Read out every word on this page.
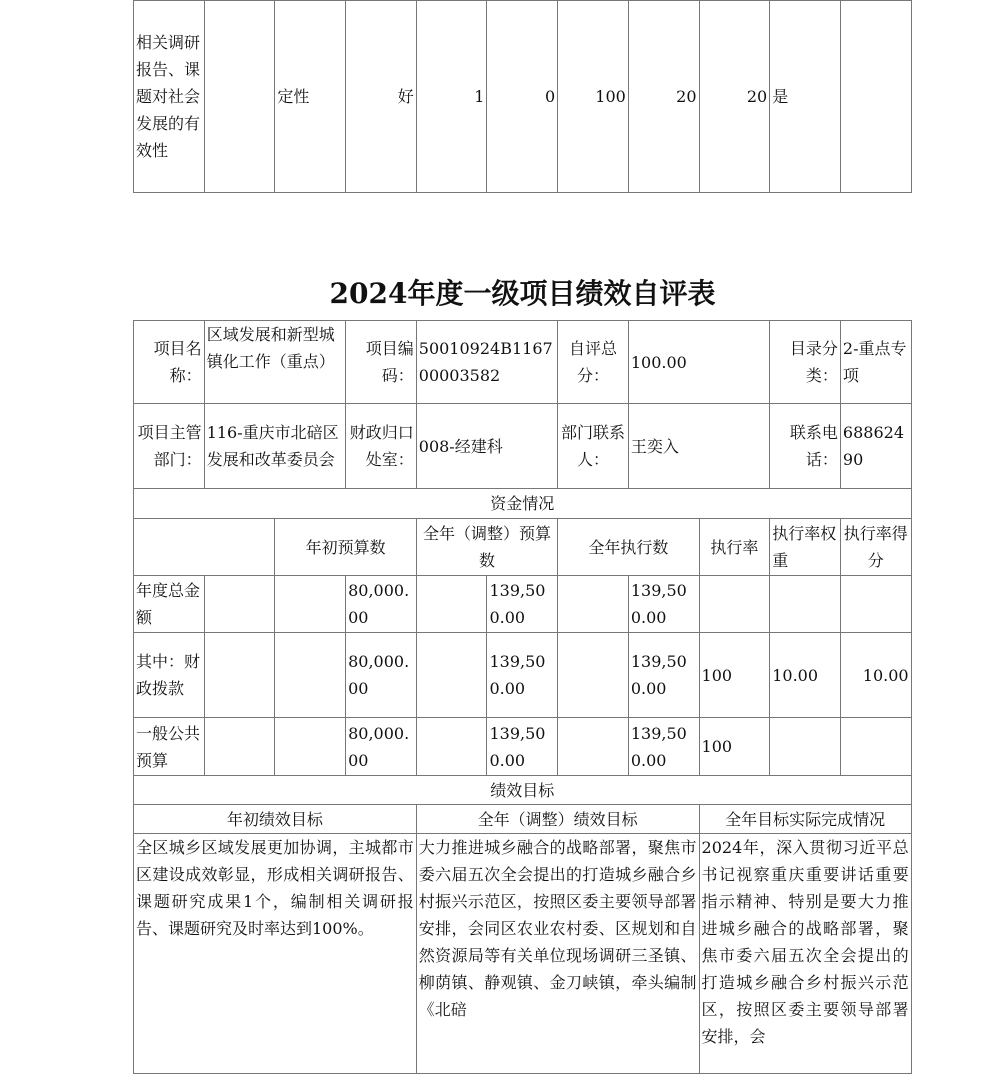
相关调研报告、课题对社会发展的有效性		定性	好	1	0	100	20	20	是	
2024年度一级项目绩效自评表
项目名称：	区域发展和新型城镇化工作（重点）		项目编码：	50010924B116700003582		自评总分：	100.00		目录分类：	2-重点专项
项目主管部门：	116-重庆市北碚区发展和改革委员会		财政归口处室：	008-经建科		部门联系人：	王奕入		联系电话：	68862490
资金情况										
		年初预算数		全年（调整）预算数		全年执行数		执行率	执行率权重	执行率得分
年度总金额			80,000.00		139,500.00		139,500.00			
其中：财政拨款			80,000.00		139,500.00		139,500.00	100	10.00	10.00
一般公共预算			80,000.00		139,500.00		139,500.00	100		
绩效目标										
年初绩效目标				全年（调整）绩效目标				全年目标实际完成情况		
全区城乡区域发展更加协调，主城都市区建设成效彰显，形成相关调研报告、课题研究成果1个，编制相关调研报告、课题研究及时率达到100%。				大力推进城乡融合的战略部署，聚焦市委六届五次全会提出的打造城乡融合乡村振兴示范区，按照区委主要领导部署安排，会同区农业农村委、区规划和自然资源局等有关单位现场调研三圣镇、柳荫镇、静观镇、金刀峡镇，牵头编制《北碚				2024年，深入贯彻习近平总书记视察重庆重要讲话重要指示精神、特别是要大力推进城乡融合的战略部署，聚焦市委六届五次全会提出的打造城乡融合乡村振兴示范区，按照区委主要领导部署安排，会		
